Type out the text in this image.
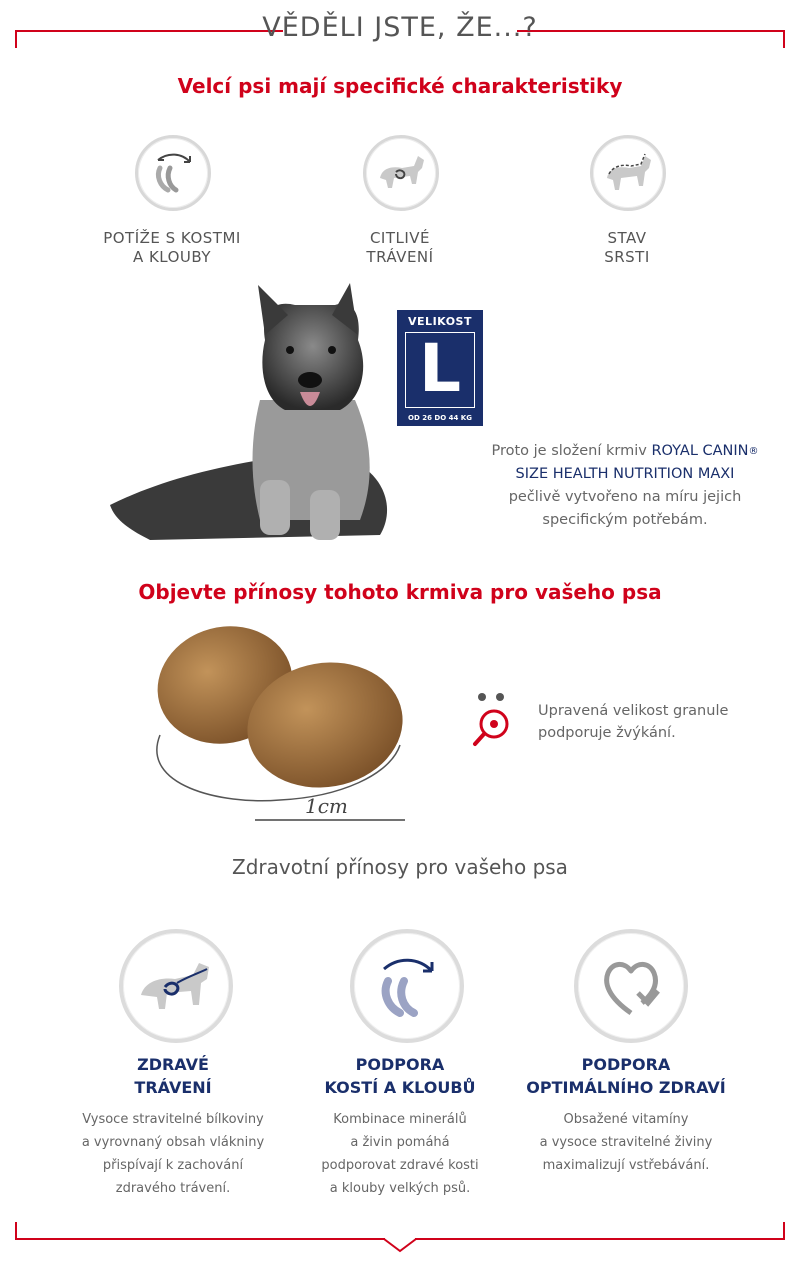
VĚDĚLI JSTE, ŽE...?
Velcí psi mají specifické charakteristiky
POTÍŽE S KOSTMI
A KLOUBY
CITLIVÉ
TRÁVENÍ
STAV
SRSTI
VELIKOST
L
OD 26 DO 44 KG
Proto je složení krmiv ROYAL CANIN®
SIZE HEALTH NUTRITION MAXI
pečlivě vytvořeno na míru jejich
specifickým potřebám.
Objevte přínosy tohoto krmiva pro vašeho psa
1cm
Upravená velikost granule podporuje žvýkání.
Zdravotní přínosy pro vašeho psa
ZDRAVÉ
TRÁVENÍ
PODPORA
KOSTÍ A KLOUBŮ
PODPORA
OPTIMÁLNÍHO ZDRAVÍ
Vysoce stravitelné bílkoviny
a vyrovnaný obsah vlákniny
přispívají k zachování
zdravého trávení.
Kombinace minerálů
a živin pomáhá
podporovat zdravé kosti
a klouby velkých psů.
Obsažené vitamíny
a vysoce stravitelné živiny
maximalizují vstřebávání.
